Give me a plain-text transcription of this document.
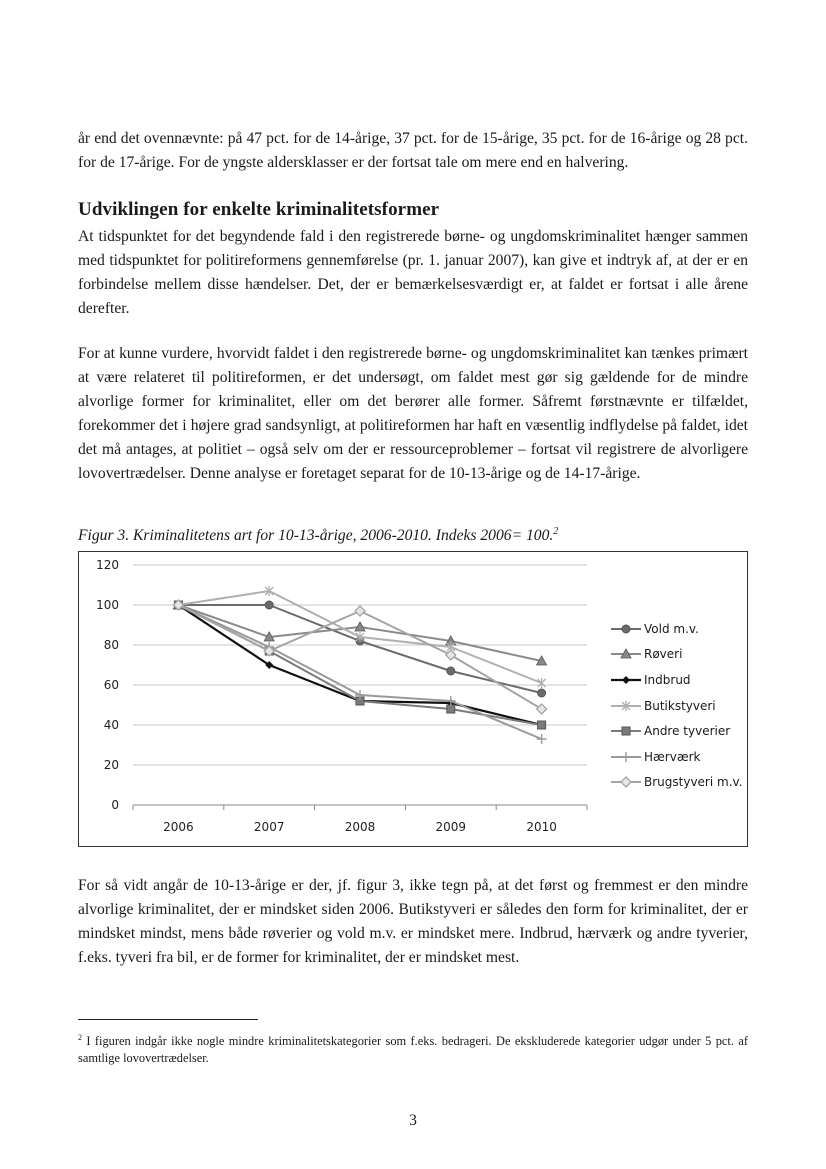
år end det ovennævnte: på 47 pct. for de 14-årige, 37 pct. for de 15-årige, 35 pct. for de 16-årige og 28 pct. for de 17-årige. For de yngste aldersklasser er der fortsat tale om mere end en halvering.

Udviklingen for enkelte kriminalitetsformer

At tidspunktet for det begyndende fald i den registrerede børne- og ungdomskriminalitet hænger sammen med tidspunktet for politireformens gennemførelse (pr. 1. januar 2007), kan give et indtryk af, at der er en forbindelse mellem disse hændelser. Det, der er bemærkelsesværdigt er, at faldet er fortsat i alle årene derefter.

For at kunne vurdere, hvorvidt faldet i den registrerede børne- og ungdomskriminalitet kan tænkes primært at være relateret til politireformen, er det undersøgt, om faldet mest gør sig gældende for de mindre alvorlige former for kriminalitet, eller om det berører alle former. Såfremt førstnævnte er tilfældet, forekommer det i højere grad sandsynligt, at politireformen har haft en væsentlig indflydelse på faldet, idet det må antages, at politiet – også selv om der er ressourceproblemer – fortsat vil registrere de alvorligere lovovertrædelser. Denne analyse er foretaget separat for de 10-13-årige og de 14-17-årige.

Figur 3. Kriminalitetens art for 10-13-årige, 2006-2010. Indeks 2006= 100.$^2$

0
20
40
60
80
100
120
2006	2007	2008	2009	2010
Vold m.v.
Røveri
Indbrud
Butikstyveri
Andre tyverier
Hærværk
Brugstyveri m.v.

For så vidt angår de 10-13-årige er der, jf. figur 3, ikke tegn på, at det først og fremmest er den mindre alvorlige kriminalitet, der er mindsket siden 2006. Butikstyveri er således den form for kriminalitet, der er mindsket mindst, mens både røverier og vold m.v. er mindsket mere. Indbrud, hærværk og andre tyverier, f.eks. tyveri fra bil, er de former for kriminalitet, der er mindsket mest.

$^2$ I figuren indgår ikke nogle mindre kriminalitetskategorier som f.eks. bedrageri. De ekskluderede kategorier udgør under 5 pct. af samtlige lovovertrædelser.

3
